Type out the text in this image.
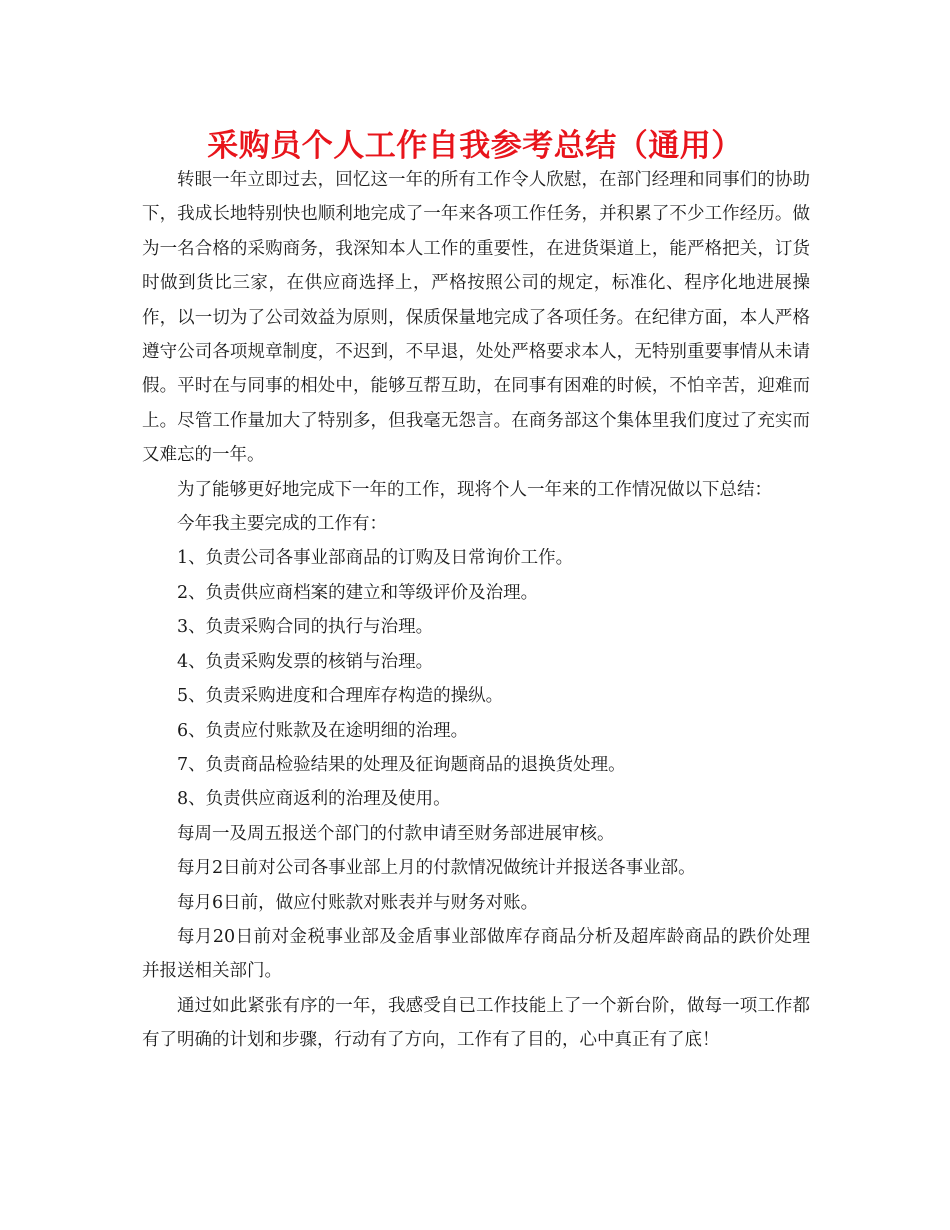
采购员个人工作自我参考总结（通用）

转眼一年立即过去，回忆这一年的所有工作令人欣慰，在部门经理和同事们的协助下，我成长地特别快也顺利地完成了一年来各项工作任务，并积累了不少工作经历。做为一名合格的采购商务，我深知本人工作的重要性，在进货渠道上，能严格把关，订货时做到货比三家，在供应商选择上，严格按照公司的规定，标准化、程序化地进展操作，以一切为了公司效益为原则，保质保量地完成了各项任务。在纪律方面，本人严格遵守公司各项规章制度，不迟到，不早退，处处严格要求本人，无特别重要事情从未请假。平时在与同事的相处中，能够互帮互助，在同事有困难的时候，不怕辛苦，迎难而上。尽管工作量加大了特别多，但我毫无怨言。在商务部这个集体里我们度过了充实而又难忘的一年。

为了能够更好地完成下一年的工作，现将个人一年来的工作情况做以下总结：

今年我主要完成的工作有：

1、负责公司各事业部商品的订购及日常询价工作。

2、负责供应商档案的建立和等级评价及治理。

3、负责采购合同的执行与治理。

4、负责采购发票的核销与治理。

5、负责采购进度和合理库存构造的操纵。

6、负责应付账款及在途明细的治理。

7、负责商品检验结果的处理及征询题商品的退换货处理。

8、负责供应商返利的治理及使用。

每周一及周五报送个部门的付款申请至财务部进展审核。

每月2日前对公司各事业部上月的付款情况做统计并报送各事业部。

每月6日前，做应付账款对账表并与财务对账。

每月20日前对金税事业部及金盾事业部做库存商品分析及超库龄商品的跌价处理并报送相关部门。

通过如此紧张有序的一年，我感受自已工作技能上了一个新台阶，做每一项工作都有了明确的计划和步骤，行动有了方向，工作有了目的，心中真正有了底！
